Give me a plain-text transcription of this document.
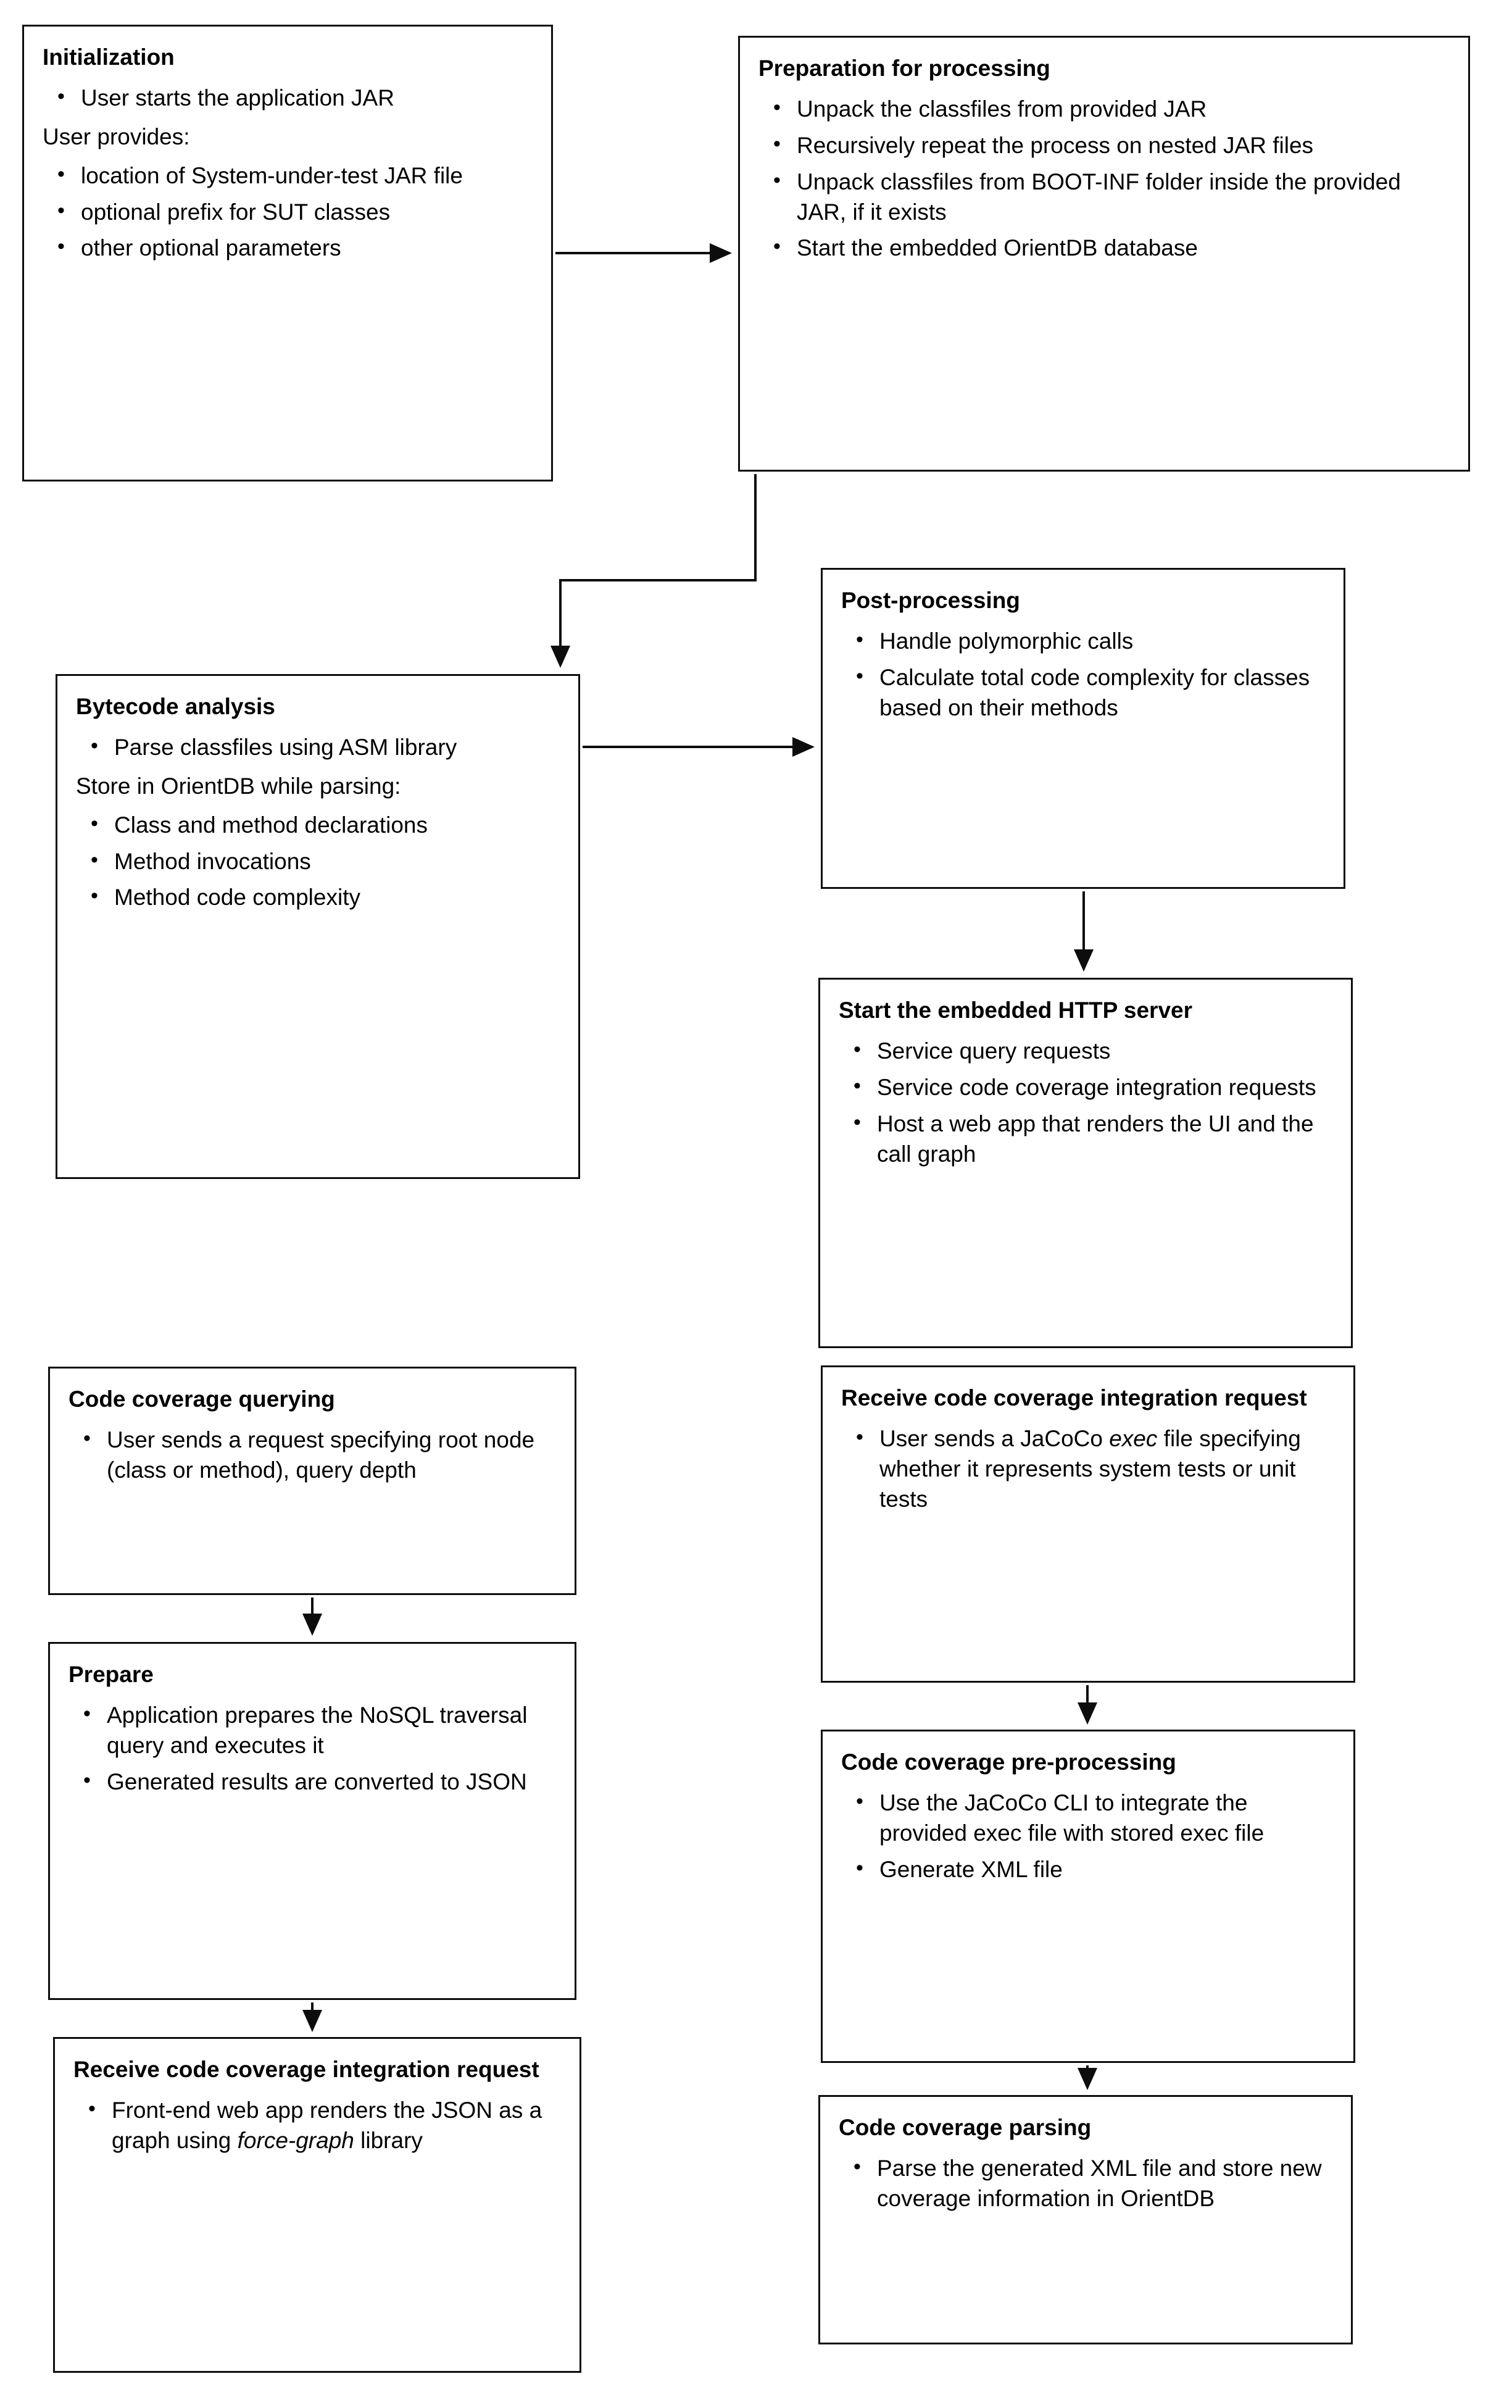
Initialization
• User starts the application JAR

User provides:

• location of System-under-test JAR file
• optional prefix for SUT classes
• other optional parameters
Preparation for processing
• Unpack the classfiles from provided JAR
• Recursively repeat the process on nested JAR files
• Unpack classfiles from BOOT-INF folder inside the provided JAR, if it exists
• Start the embedded OrientDB database
Bytecode analysis
• Parse classfiles using ASM library

Store in OrientDB while parsing:

• Class and method declarations
• Method invocations
• Method code complexity
Post-processing
• Handle polymorphic calls
• Calculate total code complexity for classes based on their methods
Start the embedded HTTP server
• Service query requests
• Service code coverage integration requests
• Host a web app that renders the UI and the call graph
Code coverage querying
• User sends a request specifying root node (class or method), query depth
Prepare
• Application prepares the NoSQL traversal query and executes it
• Generated results are converted to JSON
Receive code coverage integration request
• Front-end web app renders the JSON as a graph using force-graph library
Receive code coverage integration request
• User sends a JaCoCo exec file specifying whether it represents system tests or unit tests
Code coverage pre-processing
• Use the JaCoCo CLI to integrate the provided exec file with stored exec file
• Generate XML file
Code coverage parsing
• Parse the generated XML file and store new coverage information in OrientDB
